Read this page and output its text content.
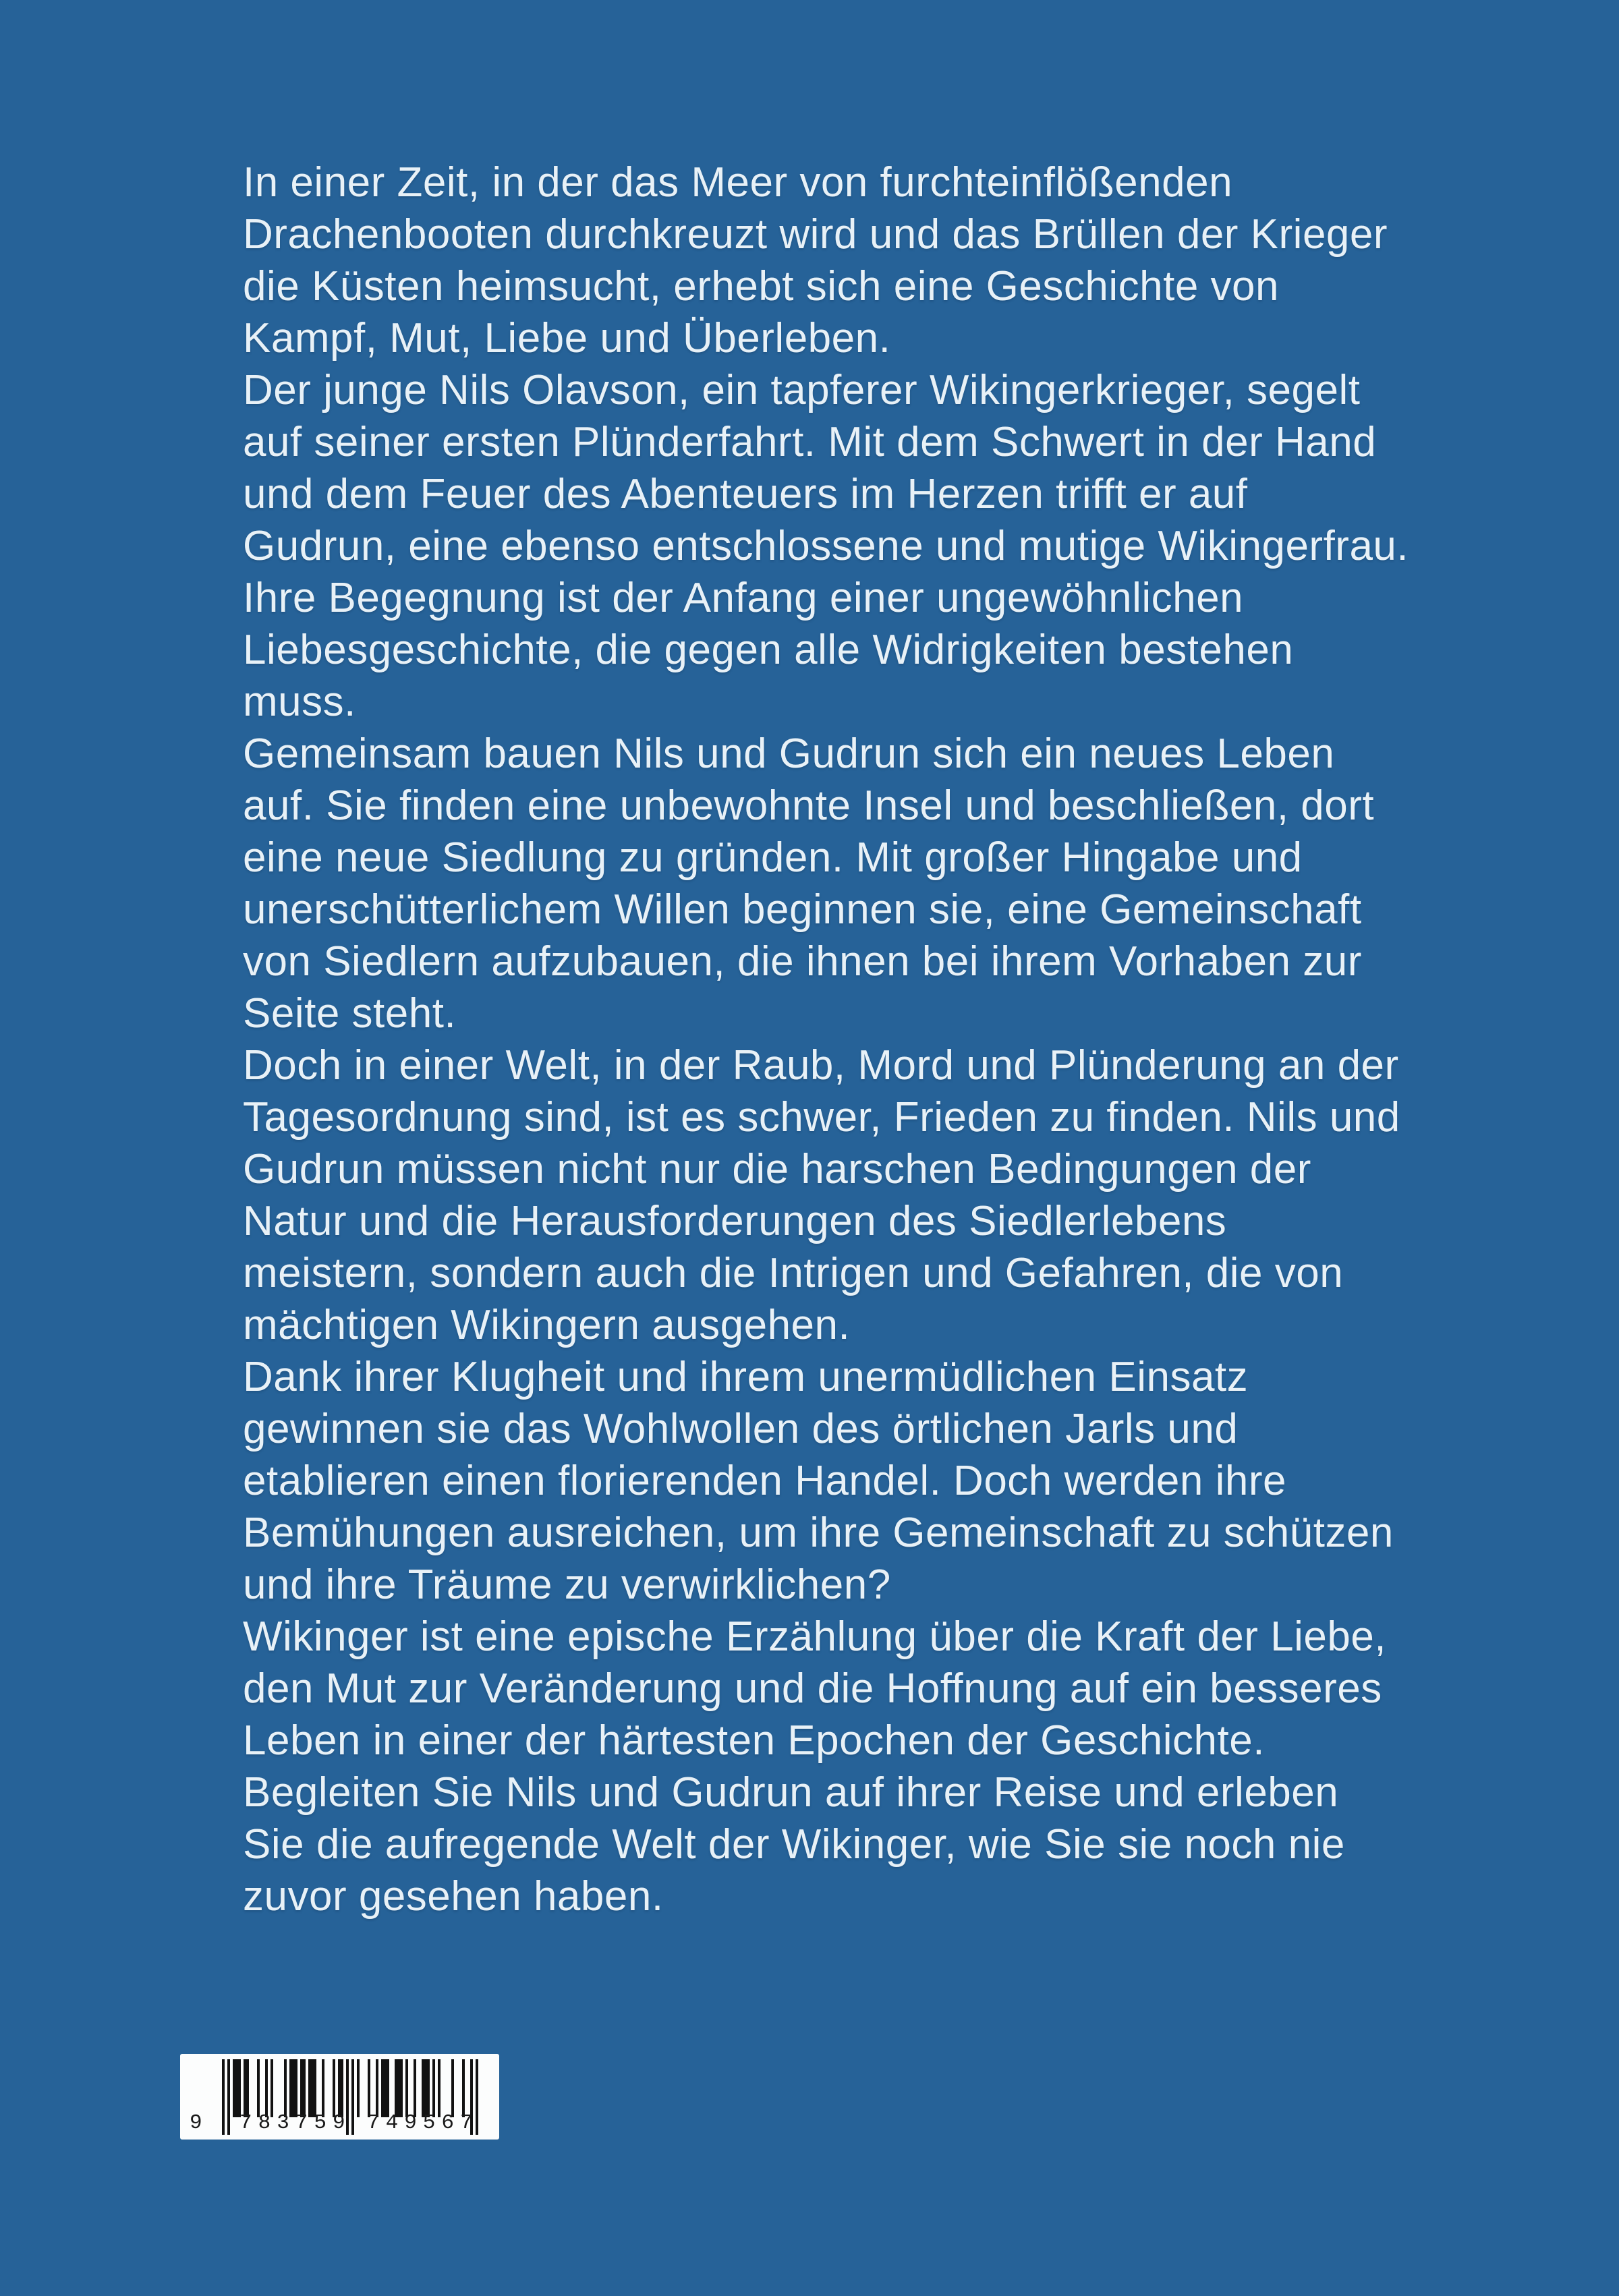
In einer Zeit, in der das Meer von furchteinflößenden Drachenbooten durchkreuzt wird und das Brüllen der Krieger die Küsten heimsucht, erhebt sich eine Geschichte von Kampf, Mut, Liebe und Überleben.

Der junge Nils Olavson, ein tapferer Wikingerkrieger, segelt auf seiner ersten Plünderfahrt. Mit dem Schwert in der Hand und dem Feuer des Abenteuers im Herzen trifft er auf Gudrun, eine ebenso entschlossene und mutige Wikingerfrau. Ihre Begegnung ist der Anfang einer ungewöhnlichen Liebesgeschichte, die gegen alle Widrigkeiten bestehen muss.

Gemeinsam bauen Nils und Gudrun sich ein neues Leben auf. Sie finden eine unbewohnte Insel und beschließen, dort eine neue Siedlung zu gründen. Mit großer Hingabe und unerschütterlichem Willen beginnen sie, eine Gemeinschaft von Siedlern aufzubauen, die ihnen bei ihrem Vorhaben zur Seite steht.

Doch in einer Welt, in der Raub, Mord und Plünderung an der Tagesordnung sind, ist es schwer, Frieden zu finden. Nils und Gudrun müssen nicht nur die harschen Bedingungen der Natur und die Herausforderungen des Siedlerlebens meistern, sondern auch die Intrigen und Gefahren, die von mächtigen Wikingern ausgehen.

Dank ihrer Klugheit und ihrem unermüdlichen Einsatz gewinnen sie das Wohlwollen des örtlichen Jarls und etablieren einen florierenden Handel. Doch werden ihre Bemühungen ausreichen, um ihre Gemeinschaft zu schützen und ihre Träume zu verwirklichen?

Wikinger ist eine epische Erzählung über die Kraft der Liebe, den Mut zur Veränderung und die Hoffnung auf ein besseres Leben in einer der härtesten Epochen der Geschichte. Begleiten Sie Nils und Gudrun auf ihrer Reise und erleben Sie die aufregende Welt der Wikinger, wie Sie sie noch nie zuvor gesehen haben.

9 783759 749567
